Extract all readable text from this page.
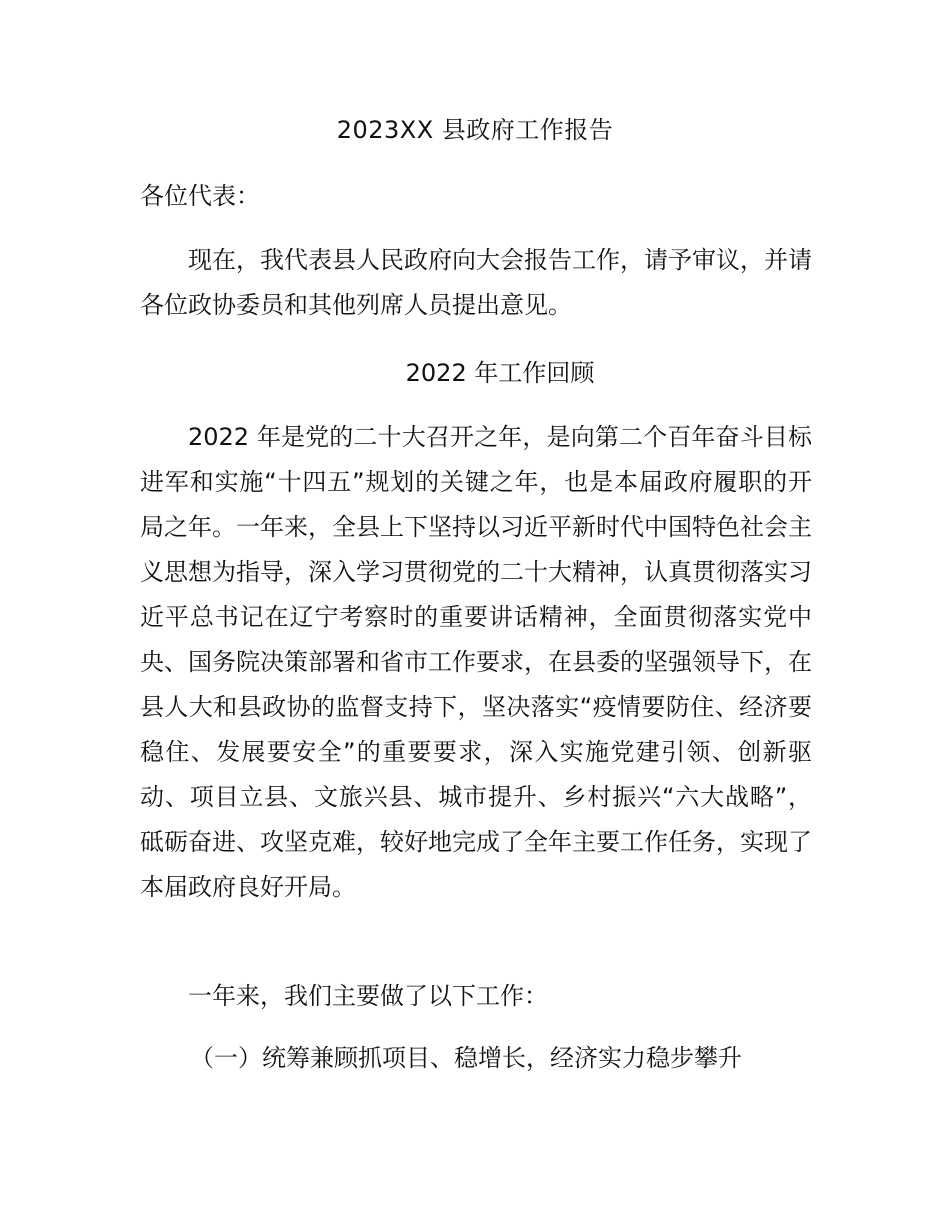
2023XX 县政府工作报告
各位代表：

现在，我代表县人民政府向大会报告工作，请予审议，并请各位政协委员和其他列席人员提出意见。

2022 年工作回顾

2022 年是党的二十大召开之年，是向第二个百年奋斗目标进军和实施“十四五”规划的关键之年，也是本届政府履职的开局之年。一年来，全县上下坚持以习近平新时代中国特色社会主义思想为指导，深入学习贯彻党的二十大精神，认真贯彻落实习近平总书记在辽宁考察时的重要讲话精神，全面贯彻落实党中央、国务院决策部署和省市工作要求，在县委的坚强领导下，在县人大和县政协的监督支持下，坚决落实“疫情要防住、经济要稳住、发展要安全”的重要要求，深入实施党建引领、创新驱动、项目立县、文旅兴县、城市提升、乡村振兴“六大战略”，砥砺奋进、攻坚克难，较好地完成了全年主要工作任务，实现了本届政府良好开局。

一年来，我们主要做了以下工作：

（一）统筹兼顾抓项目、稳增长，经济实力稳步攀升
